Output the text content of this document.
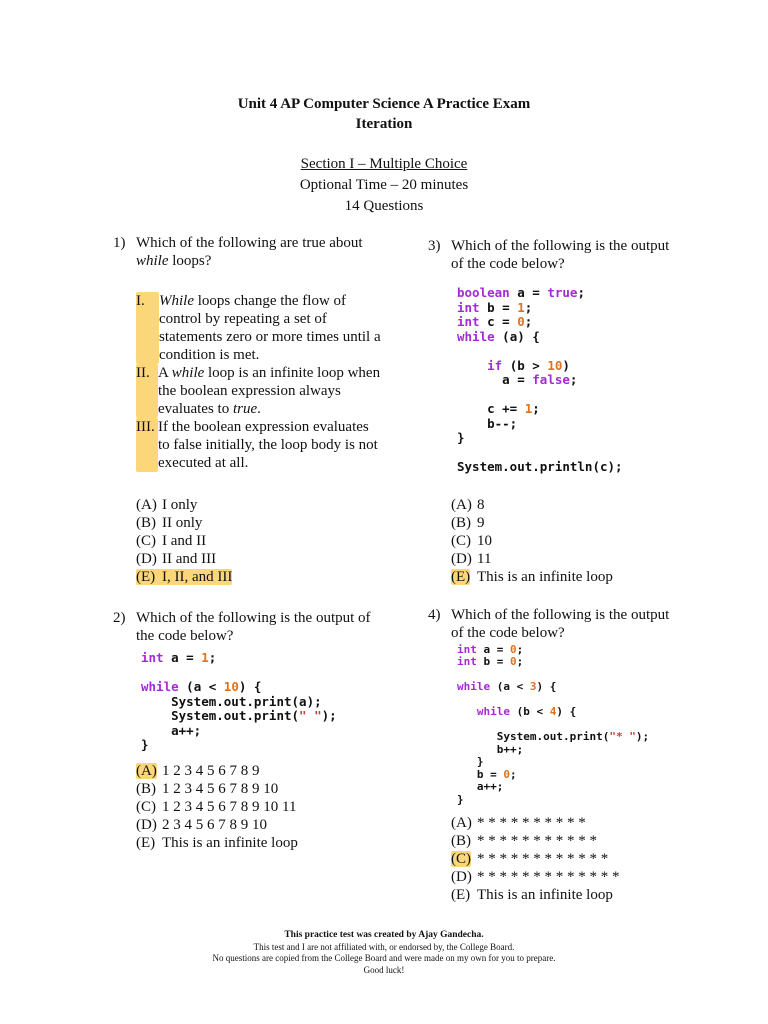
Unit 4 AP Computer Science A Practice Exam
Iteration
Section I – Multiple Choice
Optional Time – 20 minutes
14 Questions
1) Which of the following are true about while loops?
I. While loops change the flow of control by repeating a set of statements zero or more times until a condition is met.
II. A while loop is an infinite loop when the boolean expression always evaluates to true.
III. If the boolean expression evaluates to false initially, the loop body is not executed at all.
(A) I only
(B) II only
(C) I and II
(D) II and III
(E) I, II, and III
2) Which of the following is the output of the code below?
int a = 1;

while (a < 10) {
System.out.print(a);
System.out.print(" ");
a++;
}
(A) 1 2 3 4 5 6 7 8 9
(B) 1 2 3 4 5 6 7 8 9 10
(C) 1 2 3 4 5 6 7 8 9 10 11
(D) 2 3 4 5 6 7 8 9 10
(E) This is an infinite loop
3) Which of the following is the output of the code below?
boolean a = true;
int b = 1;
int c = 0;
while (a) {

if (b > 10)
a = false;

c += 1;
b--;
}

System.out.println(c);
(A) 8
(B) 9
(C) 10
(D) 11
(E) This is an infinite loop
4) Which of the following is the output of the code below?
int a = 0;
int b = 0;

while (a < 3) {

while (b < 4) {

System.out.print("* ");
b++;
}
b = 0;
a++;
}
(A) * * * * * * * * * *
(B) * * * * * * * * * * *
(C) * * * * * * * * * * * *
(D) * * * * * * * * * * * * *
(E) This is an infinite loop
This practice test was created by Ajay Gandecha.
This test and I are not affiliated with, or endorsed by, the College Board.
No questions are copied from the College Board and were made on my own for you to prepare.
Good luck!
